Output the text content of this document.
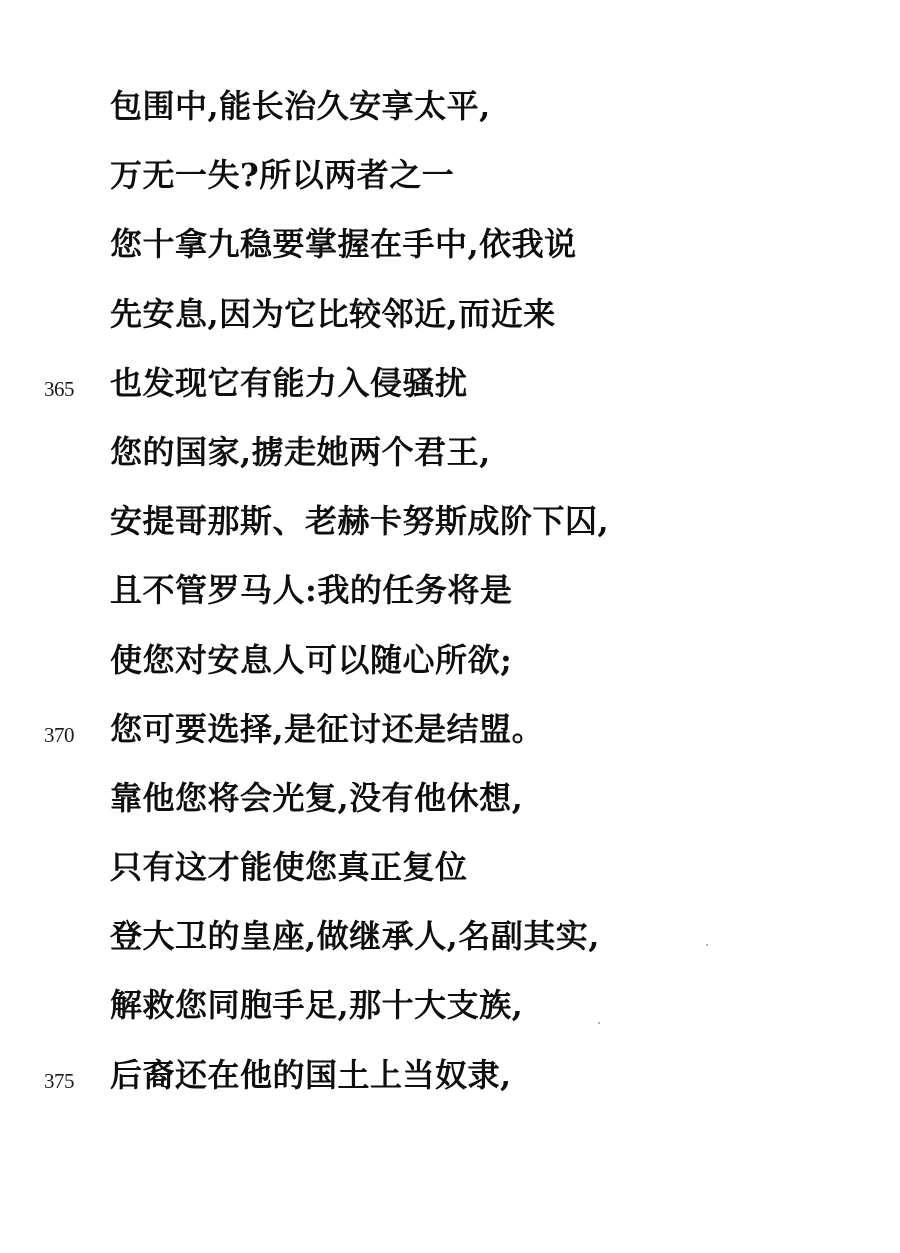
包围中,能长治久安享太平,
万无一失?所以两者之一
您十拿九稳要掌握在手中,依我说
先安息,因为它比较邻近,而近来
365	也发现它有能力入侵骚扰
您的国家,掳走她两个君王,
安提哥那斯、老赫卡努斯成阶下囚,
且不管罗马人:我的任务将是
使您对安息人可以随心所欲;
370	您可要选择,是征讨还是结盟。
靠他您将会光复,没有他休想,
只有这才能使您真正复位
登大卫的皇座,做继承人,名副其实,
解救您同胞手足,那十大支族,
375	后裔还在他的国土上当奴隶,
